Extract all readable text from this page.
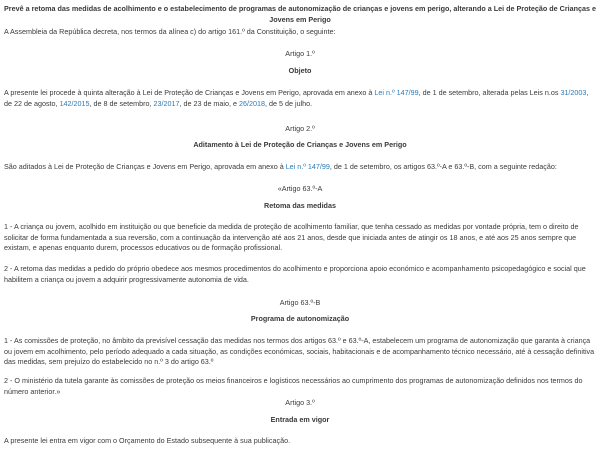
Prevê a retoma das medidas de acolhimento e o estabelecimento de programas de autonomização de crianças e jovens em perigo, alterando a Lei de Proteção de Crianças e Jovens em Perigo

A Assembleia da República decreta, nos termos da alínea c) do artigo 161.º da Constituição, o seguinte:

Artigo 1.º

Objeto

A presente lei procede à quinta alteração à Lei de Proteção de Crianças e Jovens em Perigo, aprovada em anexo à Lei n.º 147/99, de 1 de setembro, alterada pelas Leis n.os 31/2003, de 22 de agosto, 142/2015, de 8 de setembro, 23/2017, de 23 de maio, e 26/2018, de 5 de julho.

Artigo 2.º

Aditamento à Lei de Proteção de Crianças e Jovens em Perigo

São aditados à Lei de Proteção de Crianças e Jovens em Perigo, aprovada em anexo à Lei n.º 147/99, de 1 de setembro, os artigos 63.º-A e 63.º-B, com a seguinte redação:

«Artigo 63.º-A

Retoma das medidas

1 - A criança ou jovem, acolhido em instituição ou que beneficie da medida de proteção de acolhimento familiar, que tenha cessado as medidas por vontade própria, tem o direito de solicitar de forma fundamentada a sua reversão, com a continuação da intervenção até aos 21 anos, desde que iniciada antes de atingir os 18 anos, e até aos 25 anos sempre que existam, e apenas enquanto durem, processos educativos ou de formação profissional.

2 - A retoma das medidas a pedido do próprio obedece aos mesmos procedimentos do acolhimento e proporciona apoio económico e acompanhamento psicopedagógico e social que habilitem a criança ou jovem a adquirir progressivamente autonomia de vida.

Artigo 63.º-B

Programa de autonomização

1 - As comissões de proteção, no âmbito da previsível cessação das medidas nos termos dos artigos 63.º e 63.º-A, estabelecem um programa de autonomização que garanta à criança ou jovem em acolhimento, pelo período adequado a cada situação, as condições económicas, sociais, habitacionais e de acompanhamento técnico necessário, até à cessação definitiva das medidas, sem prejuízo do estabelecido no n.º 3 do artigo 63.º

2 - O ministério da tutela garante às comissões de proteção os meios financeiros e logísticos necessários ao cumprimento dos programas de autonomização definidos nos termos do número anterior.»

Artigo 3.º

Entrada em vigor

A presente lei entra em vigor com o Orçamento do Estado subsequente à sua publicação.
